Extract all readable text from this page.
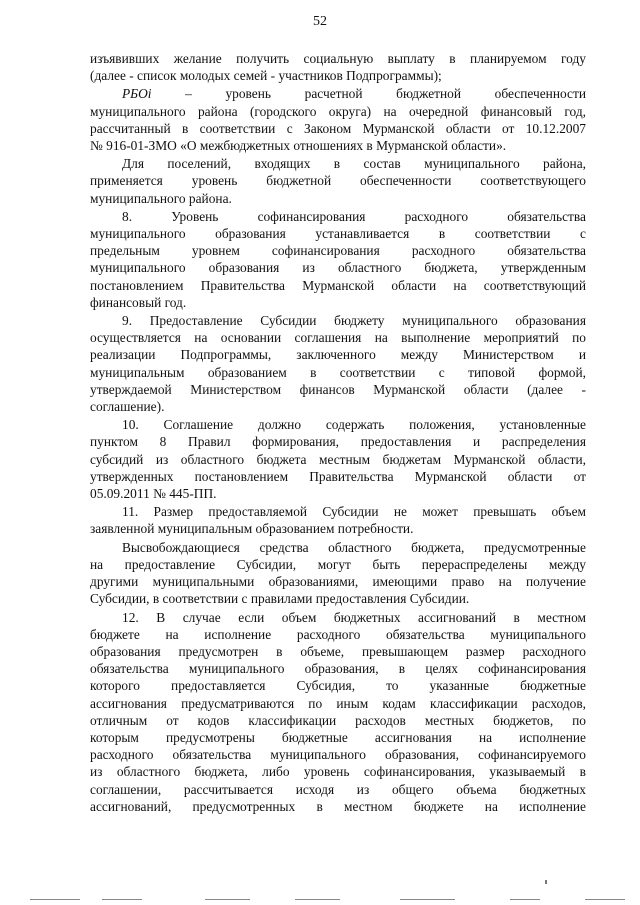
52
изъявивших желание получить социальную выплату в планируемом году
(далее - список молодых семей - участников Подпрограммы);
РБОi – уровень расчетной бюджетной обеспеченности
муниципального района (городского округа) на очередной финансовый год,
рассчитанный в соответствии с Законом Мурманской области от 10.12.2007
№ 916-01-ЗМО «О межбюджетных отношениях в Мурманской области».
Для поселений, входящих в состав муниципального района,
применяется уровень бюджетной обеспеченности соответствующего
муниципального района.
8. Уровень софинансирования расходного обязательства
муниципального образования устанавливается в соответствии с
предельным уровнем софинансирования расходного обязательства
муниципального образования из областного бюджета, утвержденным
постановлением Правительства Мурманской области на соответствующий
финансовый год.
9. Предоставление Субсидии бюджету муниципального образования
осуществляется на основании соглашения на выполнение мероприятий по
реализации Подпрограммы, заключенного между Министерством и
муниципальным образованием в соответствии с типовой формой,
утверждаемой Министерством финансов Мурманской области (далее -
соглашение).
10. Соглашение должно содержать положения, установленные
пунктом 8 Правил формирования, предоставления и распределения
субсидий из областного бюджета местным бюджетам Мурманской области,
утвержденных постановлением Правительства Мурманской области от
05.09.2011 № 445-ПП.
11. Размер предоставляемой Субсидии не может превышать объем
заявленной муниципальным образованием потребности.
Высвобождающиеся средства областного бюджета, предусмотренные
на предоставление Субсидии, могут быть перераспределены между
другими муниципальными образованиями, имеющими право на получение
Субсидии, в соответствии с правилами предоставления Субсидии.
12. В случае если объем бюджетных ассигнований в местном
бюджете на исполнение расходного обязательства муниципального
образования предусмотрен в объеме, превышающем размер расходного
обязательства муниципального образования, в целях софинансирования
которого предоставляется Субсидия, то указанные бюджетные
ассигнования предусматриваются по иным кодам классификации расходов,
отличным от кодов классификации расходов местных бюджетов, по
которым предусмотрены бюджетные ассигнования на исполнение
расходного обязательства муниципального образования, софинансируемого
из областного бюджета, либо уровень софинансирования, указываемый в
соглашении, рассчитывается исходя из общего объема бюджетных
ассигнований, предусмотренных в местном бюджете на исполнение
